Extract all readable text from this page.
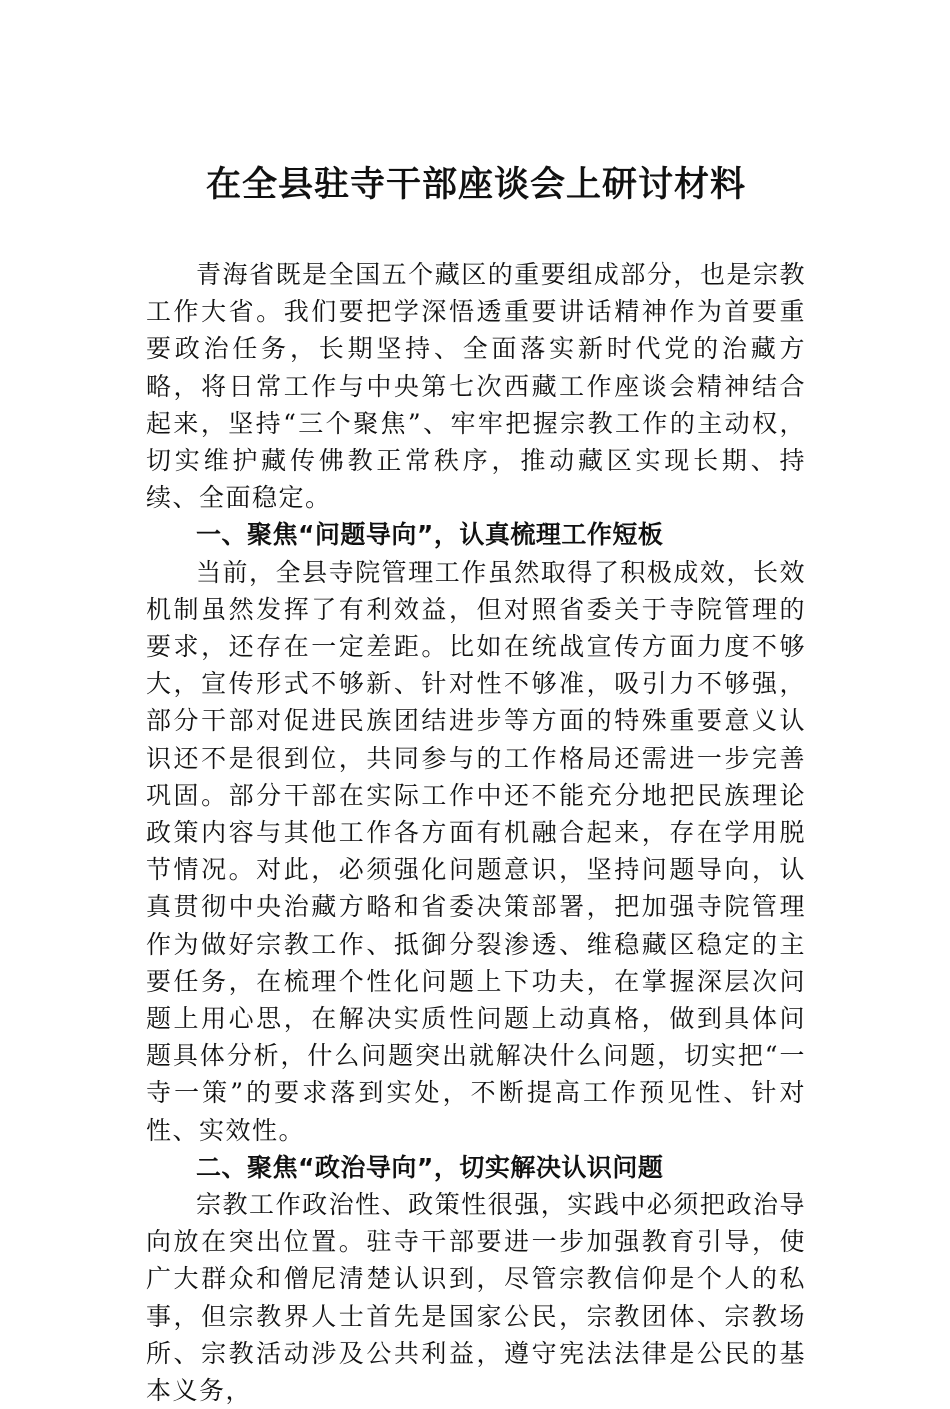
在全县驻寺干部座谈会上研讨材料

青海省既是全国五个藏区的重要组成部分，也是宗教工作大省。我们要把学深悟透重要讲话精神作为首要重要政治任务，长期坚持、全面落实新时代党的治藏方略，将日常工作与中央第七次西藏工作座谈会精神结合起来，坚持“三个聚焦”、牢牢把握宗教工作的主动权，切实维护藏传佛教正常秩序，推动藏区实现长期、持续、全面稳定。

一、聚焦“问题导向”，认真梳理工作短板

当前，全县寺院管理工作虽然取得了积极成效，长效机制虽然发挥了有利效益，但对照省委关于寺院管理的要求，还存在一定差距。比如在统战宣传方面力度不够大，宣传形式不够新、针对性不够准，吸引力不够强，部分干部对促进民族团结进步等方面的特殊重要意义认识还不是很到位，共同参与的工作格局还需进一步完善巩固。部分干部在实际工作中还不能充分地把民族理论政策内容与其他工作各方面有机融合起来，存在学用脱节情况。对此，必须强化问题意识，坚持问题导向，认真贯彻中央治藏方略和省委决策部署，把加强寺院管理作为做好宗教工作、抵御分裂渗透、维稳藏区稳定的主要任务，在梳理个性化问题上下功夫，在掌握深层次问题上用心思，在解决实质性问题上动真格，做到具体问题具体分析，什么问题突出就解决什么问题，切实把“一寺一策”的要求落到实处，不断提高工作预见性、针对性、实效性。

二、聚焦“政治导向”，切实解决认识问题

宗教工作政治性、政策性很强，实践中必须把政治导向放在突出位置。驻寺干部要进一步加强教育引导，使广大群众和僧尼清楚认识到，尽管宗教信仰是个人的私事，但宗教界人士首先是国家公民，宗教团体、宗教场所、宗教活动涉及公共利益，遵守宪法法律是公民的基本义务，
